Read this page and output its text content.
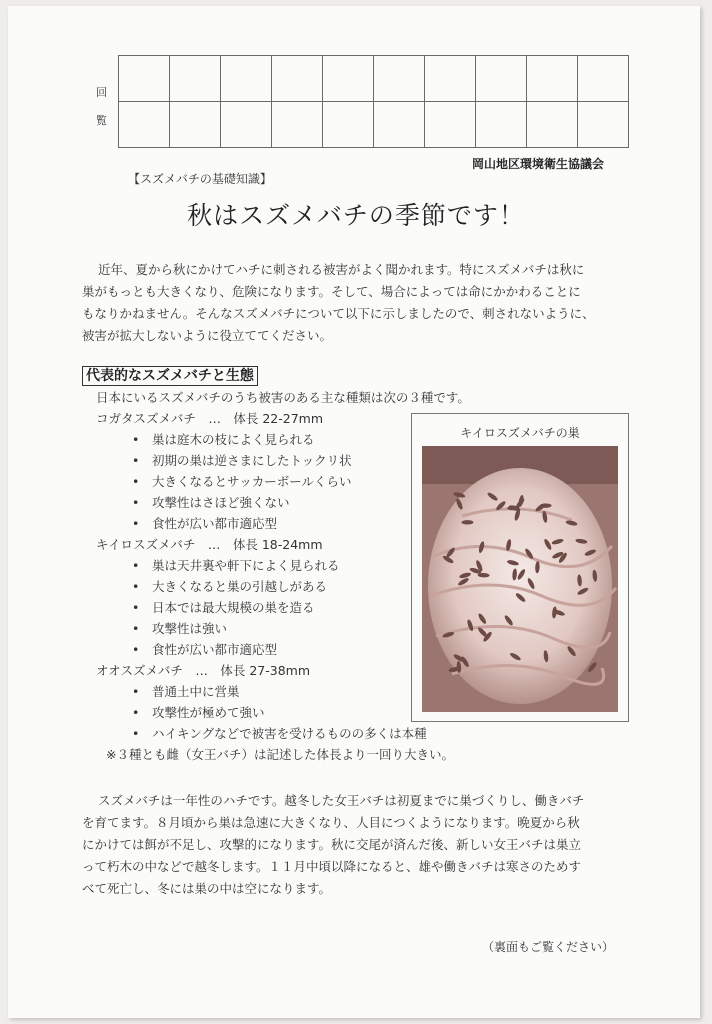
回
覧

岡山地区環境衛生協議会
【スズメバチの基礎知識】
秋はスズメバチの季節です！
近年、夏から秋にかけてハチに刺される被害がよく聞かれます。特にスズメバチは秋に
巣がもっとも大きくなり、危険になります。そして、場合によっては命にかかわることに
もなりかねません。そんなスズメバチについて以下に示しましたので、刺されないように、
被害が拡大しないように役立ててください。
代表的なスズメバチと生態
日本にいるスズメバチのうち被害のある主な種類は次の３種です。
コガタスズメバチ　…　体長 22-27mm
• 巣は庭木の枝によく見られる
• 初期の巣は逆さまにしたトックリ状
• 大きくなるとサッカーボールくらい
• 攻撃性はさほど強くない
• 食性が広い都市適応型
キイロスズメバチ　…　体長 18-24mm
• 巣は天井裏や軒下によく見られる
• 大きくなると巣の引越しがある
• 日本では最大規模の巣を造る
• 攻撃性は強い
• 食性が広い都市適応型
オオスズメバチ　…　体長 27-38mm
• 普通土中に営巣
• 攻撃性が極めて強い
• ハイキングなどで被害を受けるものの多くは本種
※３種とも雌（女王バチ）は記述した体長より一回り大きい。
キイロスズメバチの巣
スズメバチは一年性のハチです。越冬した女王バチは初夏までに巣づくりし、働きバチ
を育てます。８月頃から巣は急速に大きくなり、人目につくようになります。晩夏から秋
にかけては餌が不足し、攻撃的になります。秋に交尾が済んだ後、新しい女王バチは巣立
って朽木の中などで越冬します。１１月中頃以降になると、雄や働きバチは寒さのためす
べて死亡し、冬には巣の中は空になります。
（裏面もご覧ください）
